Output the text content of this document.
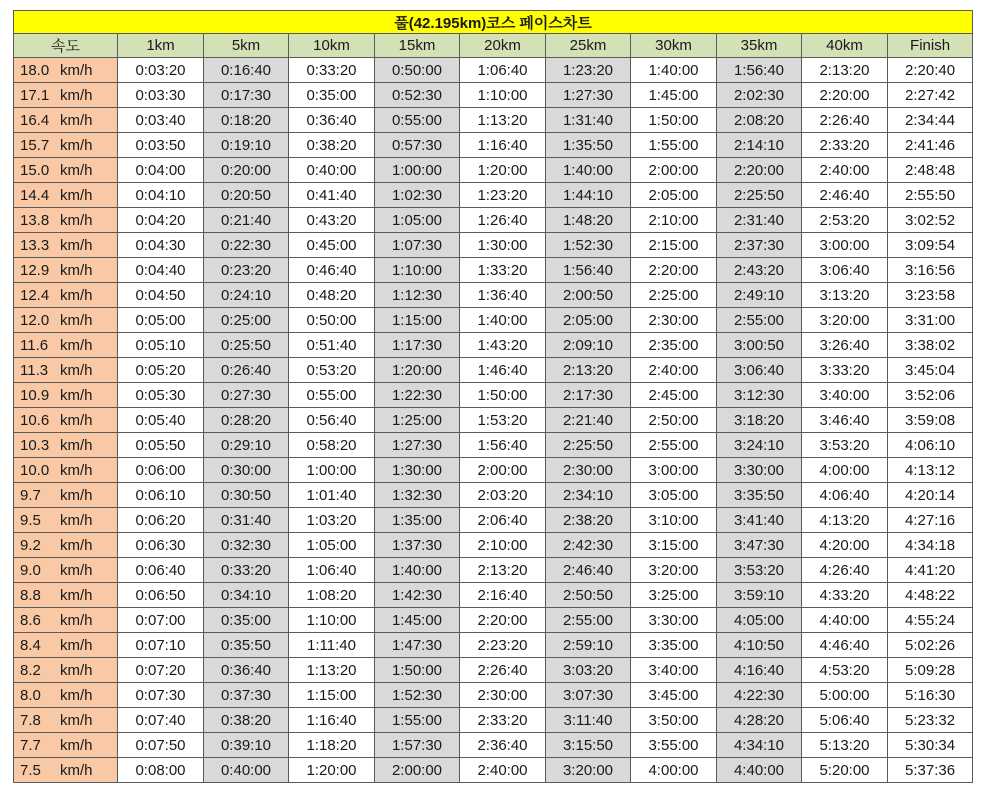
풀(42.195km)코스 페이스차트										
속도	1km	5km	10km	15km	20km	25km	30km	35km	40km	Finish
18.0 km/h	0:03:20	0:16:40	0:33:20	0:50:00	1:06:40	1:23:20	1:40:00	1:56:40	2:13:20	2:20:40
17.1 km/h	0:03:30	0:17:30	0:35:00	0:52:30	1:10:00	1:27:30	1:45:00	2:02:30	2:20:00	2:27:42
16.4 km/h	0:03:40	0:18:20	0:36:40	0:55:00	1:13:20	1:31:40	1:50:00	2:08:20	2:26:40	2:34:44
15.7 km/h	0:03:50	0:19:10	0:38:20	0:57:30	1:16:40	1:35:50	1:55:00	2:14:10	2:33:20	2:41:46
15.0 km/h	0:04:00	0:20:00	0:40:00	1:00:00	1:20:00	1:40:00	2:00:00	2:20:00	2:40:00	2:48:48
14.4 km/h	0:04:10	0:20:50	0:41:40	1:02:30	1:23:20	1:44:10	2:05:00	2:25:50	2:46:40	2:55:50
13.8 km/h	0:04:20	0:21:40	0:43:20	1:05:00	1:26:40	1:48:20	2:10:00	2:31:40	2:53:20	3:02:52
13.3 km/h	0:04:30	0:22:30	0:45:00	1:07:30	1:30:00	1:52:30	2:15:00	2:37:30	3:00:00	3:09:54
12.9 km/h	0:04:40	0:23:20	0:46:40	1:10:00	1:33:20	1:56:40	2:20:00	2:43:20	3:06:40	3:16:56
12.4 km/h	0:04:50	0:24:10	0:48:20	1:12:30	1:36:40	2:00:50	2:25:00	2:49:10	3:13:20	3:23:58
12.0 km/h	0:05:00	0:25:00	0:50:00	1:15:00	1:40:00	2:05:00	2:30:00	2:55:00	3:20:00	3:31:00
11.6 km/h	0:05:10	0:25:50	0:51:40	1:17:30	1:43:20	2:09:10	2:35:00	3:00:50	3:26:40	3:38:02
11.3 km/h	0:05:20	0:26:40	0:53:20	1:20:00	1:46:40	2:13:20	2:40:00	3:06:40	3:33:20	3:45:04
10.9 km/h	0:05:30	0:27:30	0:55:00	1:22:30	1:50:00	2:17:30	2:45:00	3:12:30	3:40:00	3:52:06
10.6 km/h	0:05:40	0:28:20	0:56:40	1:25:00	1:53:20	2:21:40	2:50:00	3:18:20	3:46:40	3:59:08
10.3 km/h	0:05:50	0:29:10	0:58:20	1:27:30	1:56:40	2:25:50	2:55:00	3:24:10	3:53:20	4:06:10
10.0 km/h	0:06:00	0:30:00	1:00:00	1:30:00	2:00:00	2:30:00	3:00:00	3:30:00	4:00:00	4:13:12
9.7 km/h	0:06:10	0:30:50	1:01:40	1:32:30	2:03:20	2:34:10	3:05:00	3:35:50	4:06:40	4:20:14
9.5 km/h	0:06:20	0:31:40	1:03:20	1:35:00	2:06:40	2:38:20	3:10:00	3:41:40	4:13:20	4:27:16
9.2 km/h	0:06:30	0:32:30	1:05:00	1:37:30	2:10:00	2:42:30	3:15:00	3:47:30	4:20:00	4:34:18
9.0 km/h	0:06:40	0:33:20	1:06:40	1:40:00	2:13:20	2:46:40	3:20:00	3:53:20	4:26:40	4:41:20
8.8 km/h	0:06:50	0:34:10	1:08:20	1:42:30	2:16:40	2:50:50	3:25:00	3:59:10	4:33:20	4:48:22
8.6 km/h	0:07:00	0:35:00	1:10:00	1:45:00	2:20:00	2:55:00	3:30:00	4:05:00	4:40:00	4:55:24
8.4 km/h	0:07:10	0:35:50	1:11:40	1:47:30	2:23:20	2:59:10	3:35:00	4:10:50	4:46:40	5:02:26
8.2 km/h	0:07:20	0:36:40	1:13:20	1:50:00	2:26:40	3:03:20	3:40:00	4:16:40	4:53:20	5:09:28
8.0 km/h	0:07:30	0:37:30	1:15:00	1:52:30	2:30:00	3:07:30	3:45:00	4:22:30	5:00:00	5:16:30
7.8 km/h	0:07:40	0:38:20	1:16:40	1:55:00	2:33:20	3:11:40	3:50:00	4:28:20	5:06:40	5:23:32
7.7 km/h	0:07:50	0:39:10	1:18:20	1:57:30	2:36:40	3:15:50	3:55:00	4:34:10	5:13:20	5:30:34
7.5 km/h	0:08:00	0:40:00	1:20:00	2:00:00	2:40:00	3:20:00	4:00:00	4:40:00	5:20:00	5:37:36
